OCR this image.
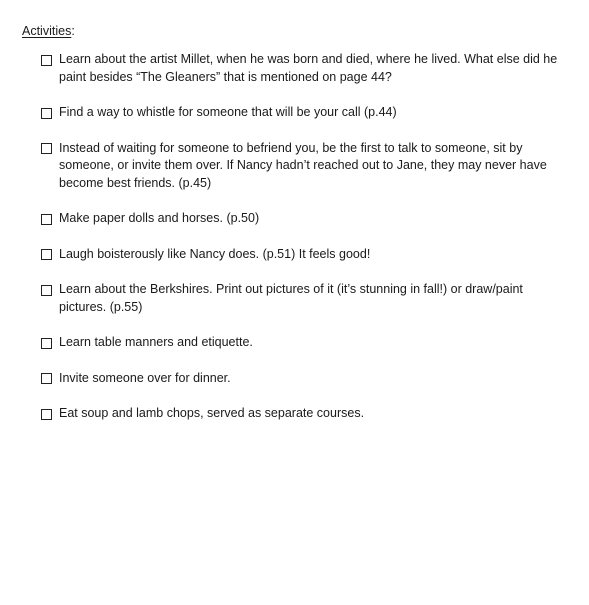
Activities:
Learn about the artist Millet, when he was born and died, where he lived. What else did he paint besides “The Gleaners” that is mentioned on page 44?
Find a way to whistle for someone that will be your call (p.44)
Instead of waiting for someone to befriend you, be the first to talk to someone, sit by someone, or invite them over. If Nancy hadn’t reached out to Jane, they may never have become best friends. (p.45)
Make paper dolls and horses. (p.50)
Laugh boisterously like Nancy does. (p.51) It feels good!
Learn about the Berkshires. Print out pictures of it (it’s stunning in fall!) or draw/paint pictures. (p.55)
Learn table manners and etiquette.
Invite someone over for dinner.
Eat soup and lamb chops, served as separate courses.
